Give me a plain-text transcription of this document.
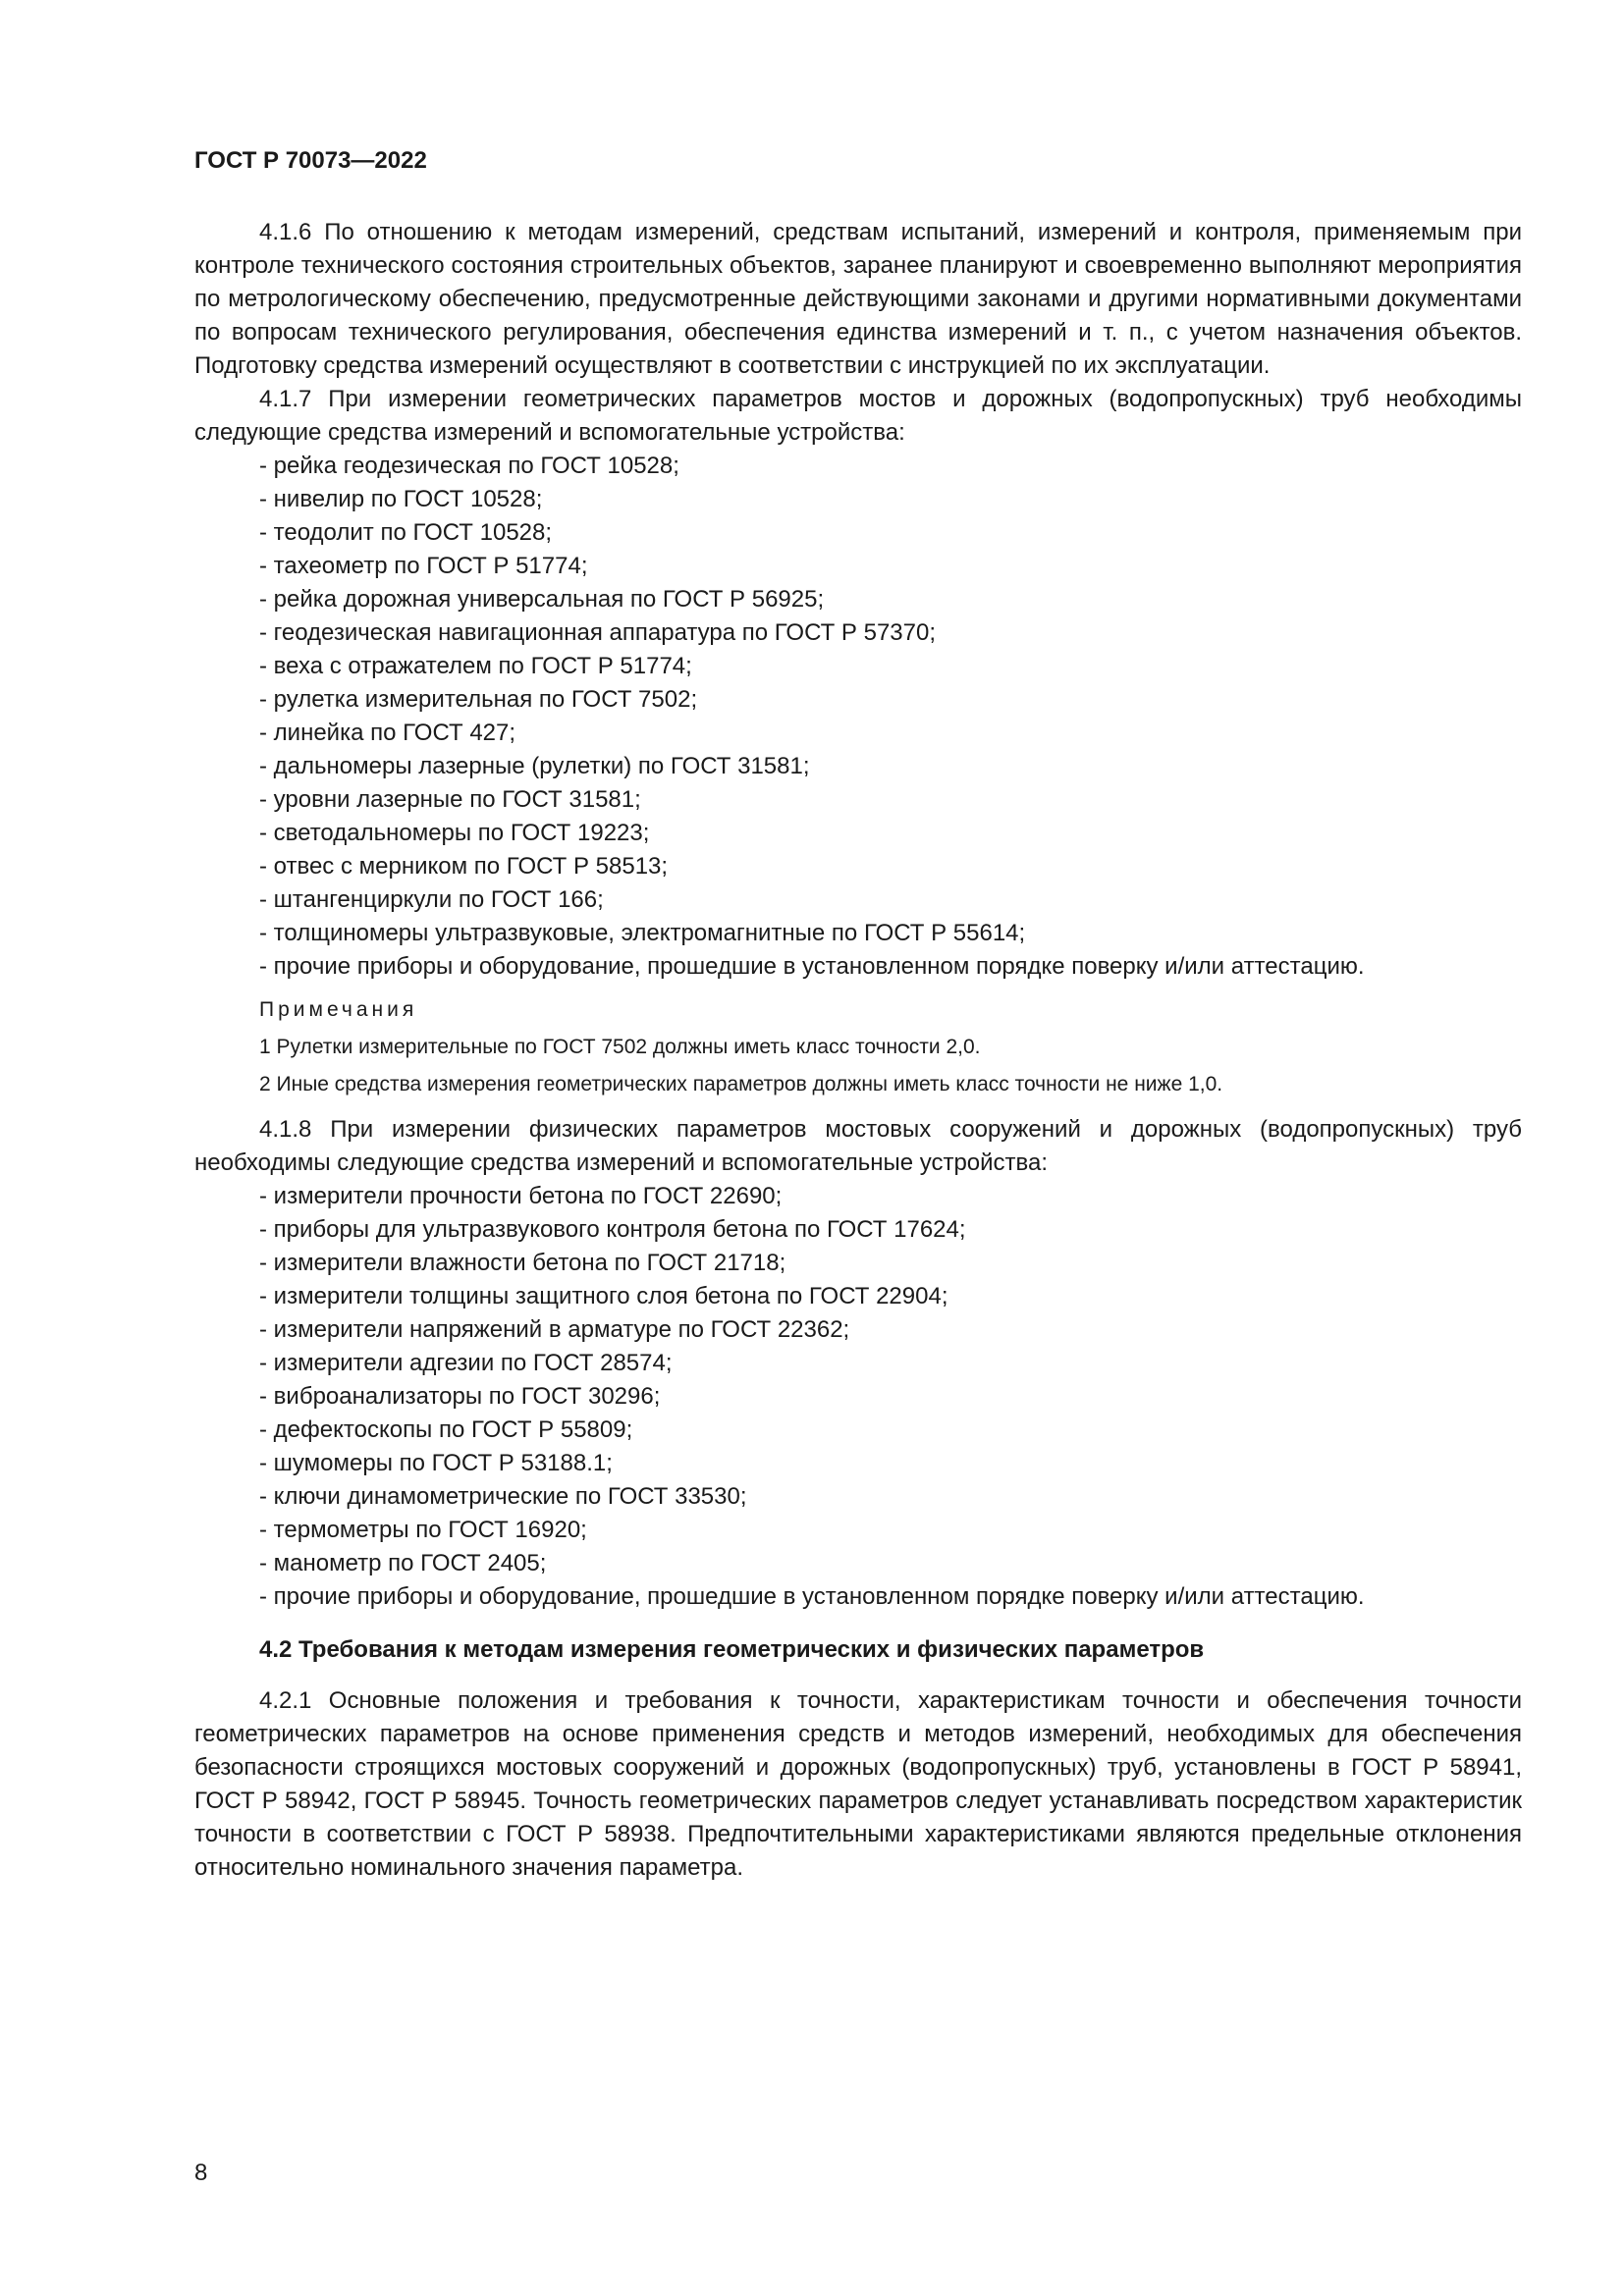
ГОСТ Р 70073—2022

4.1.6 По отношению к методам измерений, средствам испытаний, измерений и контроля, применяемым при контроле технического состояния строительных объектов, заранее планируют и своевременно выполняют мероприятия по метрологическому обеспечению, предусмотренные действующими законами и другими нормативными документами по вопросам технического регулирования, обеспечения единства измерений и т. п., с учетом назначения объектов. Подготовку средства измерений осуществляют в соответствии с инструкцией по их эксплуатации.

4.1.7 При измерении геометрических параметров мостов и дорожных (водопропускных) труб необходимы следующие средства измерений и вспомогательные устройства:

- рейка геодезическая по ГОСТ 10528;
- нивелир по ГОСТ 10528;
- теодолит по ГОСТ 10528;
- тахеометр по ГОСТ Р 51774;
- рейка дорожная универсальная по ГОСТ Р 56925;
- геодезическая навигационная аппаратура по ГОСТ Р 57370;
- веха с отражателем по ГОСТ Р 51774;
- рулетка измерительная по ГОСТ 7502;
- линейка по ГОСТ 427;
- дальномеры лазерные (рулетки) по ГОСТ 31581;
- уровни лазерные по ГОСТ 31581;
- светодальномеры по ГОСТ 19223;
- отвес с мерником по ГОСТ Р 58513;
- штангенциркули по ГОСТ 166;
- толщиномеры ультразвуковые, электромагнитные по ГОСТ Р 55614;
- прочие приборы и оборудование, прошедшие в установленном порядке поверку и/или аттестацию.
Примечания
1 Рулетки измерительные по ГОСТ 7502 должны иметь класс точности 2,0.
2 Иные средства измерения геометрических параметров должны иметь класс точности не ниже 1,0.

4.1.8 При измерении физических параметров мостовых сооружений и дорожных (водопропускных) труб необходимы следующие средства измерений и вспомогательные устройства:

- измерители прочности бетона по ГОСТ 22690;
- приборы для ультразвукового контроля бетона по ГОСТ 17624;
- измерители влажности бетона по ГОСТ 21718;
- измерители толщины защитного слоя бетона по ГОСТ 22904;
- измерители напряжений в арматуре по ГОСТ 22362;
- измерители адгезии по ГОСТ 28574;
- виброанализаторы по ГОСТ 30296;
- дефектоскопы по ГОСТ Р 55809;
- шумомеры по ГОСТ Р 53188.1;
- ключи динамометрические по ГОСТ 33530;
- термометры по ГОСТ 16920;
- манометр по ГОСТ 2405;
- прочие приборы и оборудование, прошедшие в установленном порядке поверку и/или аттестацию.
4.2 Требования к методам измерения геометрических и физических параметров

4.2.1 Основные положения и требования к точности, характеристикам точности и обеспечения точности геометрических параметров на основе применения средств и методов измерений, необходимых для обеспечения безопасности строящихся мостовых сооружений и дорожных (водопропускных) труб, установлены в ГОСТ Р 58941, ГОСТ Р 58942, ГОСТ Р 58945. Точность геометрических параметров следует устанавливать посредством характеристик точности в соответствии с ГОСТ Р 58938. Предпочтительными характеристиками являются предельные отклонения относительно номинального значения параметра.

8
